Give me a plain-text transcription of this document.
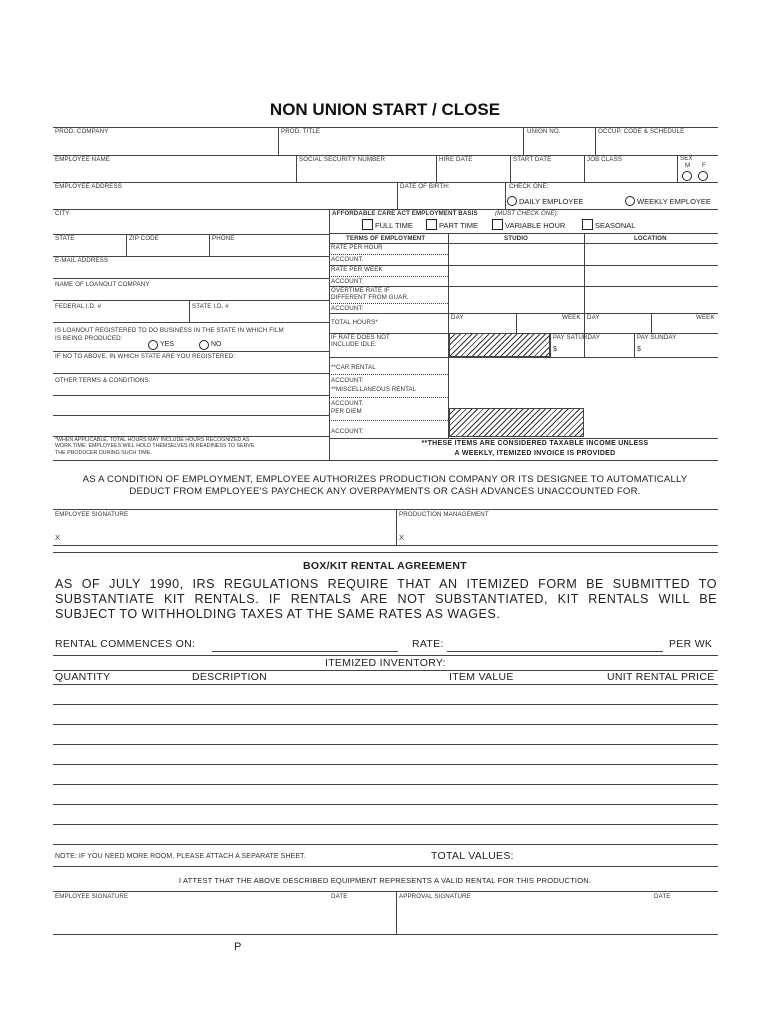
NON UNION START / CLOSE
PROD. COMPANY	PROD. TITLE	UNION NO.	OCCUP. CODE & SCHEDULE
EMPLOYEE NAME	SOCIAL SECURITY NUMBER	HIRE DATE	START DATE	JOB CLASS	SEX
M F
EMPLOYEE ADDRESS	DATE OF BIRTH:	CHECK ONE:
DAILY EMPLOYEE	WEEKLY EMPLOYEE
AFFORDABLE CARE ACT EMPLOYMENT BASIS	(MUST CHECK ONE):
FULL TIME	PART TIME	VARIABLE HOUR	SEASONAL
CITY
STATE	ZIP CODE	PHONE
E-MAIL ADDRESS
NAME OF LOANOUT COMPANY
FEDERAL I.D. #	STATE I.D. #
IS LOANOUT REGISTERED TO DO BUSINESS IN THE STATE IN WHICH FILM
IS BEING PRODUCED:
YES	NO
IF NO TO ABOVE, IN WHICH STATE ARE YOU REGISTERED:
OTHER TERMS & CONDITIONS:
*WHEN APPLICABLE, TOTAL HOURS MAY INCLUDE HOURS RECOGNIZED AS
WORK TIME. EMPLOYEES WILL HOLD THEMSELVES IN READINESS TO SERVE
THE PRODUCER DURING SUCH TIME.
TERMS OF EMPLOYMENT	STUDIO	LOCATION
RATE PER HOUR
ACCOUNT:
RATE PER WEEK
ACCOUNT:
OVERTIME RATE IF
DIFFERENT FROM GUAR.
ACCOUNT:
TOTAL HOURS*
DAY	WEEK DAY	WEEK
IF RATE DOES NOT
INCLUDE IDLE:
PAY SATURDAY
$
PAY SUNDAY
$
**CAR RENTAL
ACCOUNT:
**MISCELLANEOUS RENTAL
ACCOUNT:
PER DIEM
ACCOUNT:
**THESE ITEMS ARE CONSIDERED TAXABLE INCOME UNLESS
A WEEKLY, ITEMIZED INVOICE IS PROVIDED
AS A CONDITION OF EMPLOYMENT, EMPLOYEE AUTHORIZES PRODUCTION COMPANY OR ITS DESIGNEE TO AUTOMATICALLY
DEDUCT FROM EMPLOYEE'S PAYCHECK ANY OVERPAYMENTS OR CASH ADVANCES UNACCOUNTED FOR.
EMPLOYEE SIGNATURE	PRODUCTION MANAGEMENT
X	X
BOX/KIT RENTAL AGREEMENT
AS OF JULY 1990, IRS REGULATIONS REQUIRE THAT AN ITEMIZED FORM BE SUBMITTED TO SUBSTANTIATE KIT RENTALS. IF RENTALS ARE NOT SUBSTANTIATED, KIT RENTALS WILL BE SUBJECT TO WITHHOLDING TAXES AT THE SAME RATES AS WAGES.
RENTAL COMMENCES ON:	RATE:	PER WK
ITEMIZED INVENTORY:
QUANTITY	DESCRIPTION	ITEM VALUE	UNIT RENTAL PRICE
NOTE: IF YOU NEED MORE ROOM, PLEASE ATTACH A SEPARATE SHEET.	TOTAL VALUES:
I ATTEST THAT THE ABOVE DESCRIBED EQUIPMENT REPRESENTS A VALID RENTAL FOR THIS PRODUCTION.
EMPLOYEE SIGNATURE	DATE	APPROVAL SIGNATURE	DATE
P
